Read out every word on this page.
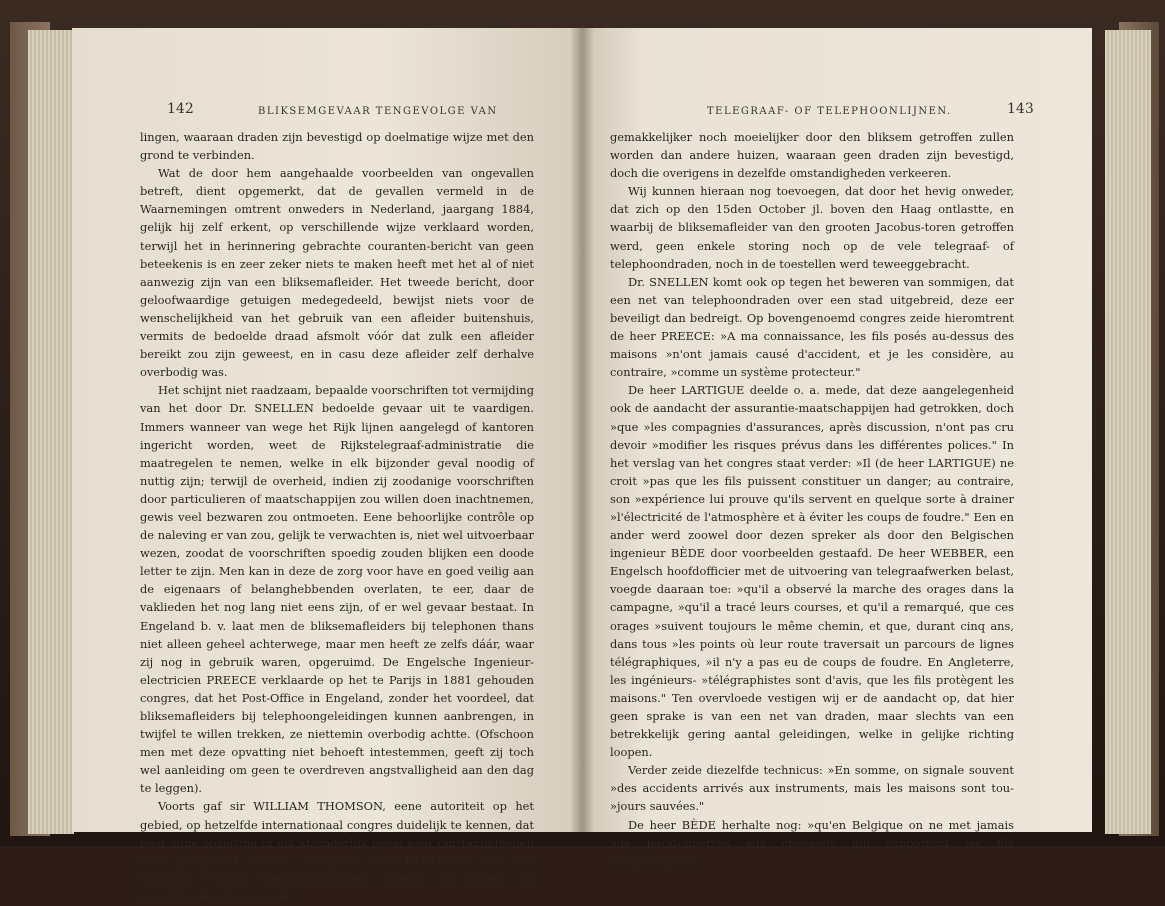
142	BLIKSEMGEVAAR TENGEVOLGE VAN

lingen, waaraan draden zijn bevestigd op doelmatige wijze met den grond te verbinden.

Wat de door hem aangehaalde voorbeelden van ongevallen betreft, dient opgemerkt, dat de gevallen vermeld in de Waarnemingen omtrent onweders in Nederland, jaargang 1884, gelijk hij zelf erkent, op verschillende wijze verklaard worden, terwijl het in herinnering gebrachte couranten-bericht van geen beteekenis is en zeer zeker niets te maken heeft met het al of niet aanwezig zijn van een bliksemafleider. Het tweede bericht, door geloofwaardige getuigen medegedeeld, bewijst niets voor de wenschelijkheid van het gebruik van een afleider buitenshuis, vermits de bedoelde draad afsmolt vóór dat zulk een afleider bereikt zou zijn geweest, en in casu deze afleider zelf derhalve overbodig was.

Het schijnt niet raadzaam, bepaalde voorschriften tot vermijding van het door Dr. SNELLEN bedoelde gevaar uit te vaardigen. Immers wanneer van wege het Rijk lijnen aangelegd of kantoren ingericht worden, weet de Rijkstelegraaf-administratie die maatregelen te nemen, welke in elk bijzonder geval noodig of nuttig zijn; terwijl de overheid, indien zij zoodanige voorschriften door particulieren of maatschappijen zou willen doen inachtnemen, gewis veel bezwaren zou ontmoeten. Eene behoorlijke contrôle op de naleving er van zou, gelijk te verwachten is, niet wel uitvoerbaar wezen, zoodat de voorschriften spoedig zouden blijken een doode letter te zijn. Men kan in deze de zorg voor have en goed veilig aan de eigenaars of belanghebbenden overlaten, te eer, daar de vaklieden het nog lang niet eens zijn, of er wel gevaar bestaat. In Engeland b. v. laat men de bliksemafleiders bij telephonen thans niet alleen geheel achterwege, maar men heeft ze zelfs dáár, waar zij nog in gebruik waren, opgeruimd. De Engelsche Ingenieur-electricien PREECE verklaarde op het te Parijs in 1881 gehouden congres, dat het Post-Office in Engeland, zonder het voordeel, dat bliksemafleiders bij telephoongeleidingen kunnen aanbrengen, in twijfel te willen trekken, ze niettemin overbodig achtte. (Ofschoon men met deze opvatting niet behoeft intestemmen, geeft zij toch wel aanleiding om geen te overdreven angstvalligheid aan den dag te leggen).

Voorts gaf sir WILLIAM THOMSON, eene autoriteit op het gebied, op hetzelfde internationaal congres duidelijk te kennen, dat naar zijne opvatting in elk afzonderlijk geval naar omstandigheden moet gehandeld worden. Terwijl de heer LARTIGUE, een zeer bekwaam Fransch telegraaf-ingenieur, meende, dat huizen, die geleiddraden dragen, niet

TELEGRAAF- OF TELEPHOONLIJNEN.	143

gemakkelijker noch moeielijker door den bliksem getroffen zullen worden dan andere huizen, waaraan geen draden zijn bevestigd, doch die overigens in dezelfde omstandigheden verkeeren.

Wij kunnen hieraan nog toevoegen, dat door het hevig onweder, dat zich op den 15den October jl. boven den Haag ontlastte, en waarbij de bliksemafleider van den grooten Jacobus-toren getroffen werd, geen enkele storing noch op de vele telegraaf- of telephoondraden, noch in de toestellen werd teweeggebracht.

Dr. SNELLEN komt ook op tegen het beweren van sommigen, dat een net van telephoondraden over een stad uitgebreid, deze eer beveiligt dan bedreigt. Op bovengenoemd congres zeide hieromtrent de heer PREECE: »A ma connaissance, les fils posés au-dessus des maisons »n'ont jamais causé d'accident, et je les considère, au contraire, »comme un système protecteur."

De heer LARTIGUE deelde o. a. mede, dat deze aangelegenheid ook de aandacht der assurantie-maatschappijen had getrokken, doch »que »les compagnies d'assurances, après discussion, n'ont pas cru devoir »modifier les risques prévus dans les différentes polices." In het verslag van het congres staat verder: »Il (de heer LARTIGUE) ne croit »pas que les fils puissent constituer un danger; au contraire, son »expérience lui prouve qu'ils servent en quelque sorte à drainer »l'électricité de l'atmosphère et à éviter les coups de foudre." Een en ander werd zoowel door dezen spreker als door den Belgischen ingenieur BÈDE door voorbeelden gestaafd. De heer WEBBER, een Engelsch hoofdofficier met de uitvoering van telegraafwerken belast, voegde daaraan toe: »qu'il a observé la marche des orages dans la campagne, »qu'il a tracé leurs courses, et qu'il a remarqué, que ces orages »suivent toujours le même chemin, et que, durant cinq ans, dans tous »les points où leur route traversait un parcours de lignes télégraphiques, »il n'y a pas eu de coups de foudre. En Angleterre, les ingénieurs- »télégraphistes sont d'avis, que les fils protègent les maisons." Ten overvloede vestigen wij er de aandacht op, dat hier geen sprake is van een net van draden, maar slechts van een betrekkelijk gering aantal geleidingen, welke in gelijke richting loopen.

Verder zeide diezelfde technicus: »En somme, on signale souvent »des accidents arrivés aux instruments, mais les maisons sont tou- »jours sauvées."

De heer BÈDE herhalte nog: »qu'en Belgique on ne met jamais »de paratonnerres aux chevalets qui supportent les fils téléphoniques";
